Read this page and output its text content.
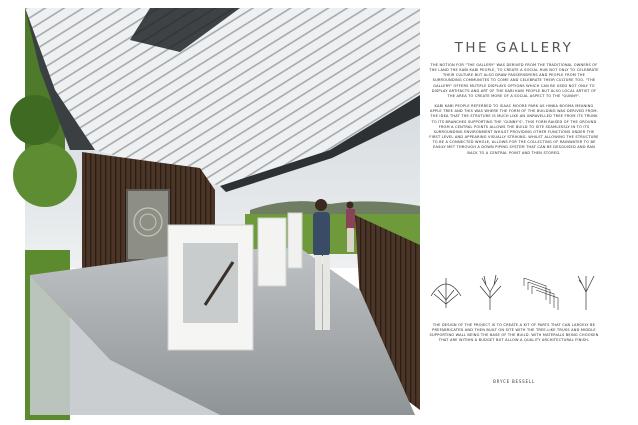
THE GALLERY

THE NOTION FOR "THE GALLERY" WAS DERIVED FROM THE TRADITIONAL OWNERS OF THE LAND THE KABI KABI PEOPLE, TO CREATE A SOCIAL HUB NOT ONLY TO CELEBRATE THEIR CULTURE BUT ALSO DRAW PASSERSBYERS AND PEOPLE FROM THE SURROUNDING COMMUNITES TO COME AND CELEBRATE THEIR CULTURE TOO. "THE GALLERY" OFFERS MUTIPLE DISPLAYS OPTIONS WHICH CAN BE USED NOT ONLY TO DISPLAY ARTIFACTS AND ART OF THE KABI KABI PEOPLE BUT ALSO LOCAL ARTIST OF THE AREA TO CREATE MORE OF A SOCIAL ASPECT TO THE "GUNNY".

KABI KABI PEOPLE REFERRED TO ISAAC MOORE PARK AS HINKA BOOMA MEANING APPLE TREE AND THIS WAS WHERE THE FORM OF THE BUILDING WAS DERIVED FROM. THE IDEA THAT THE STRUTURE IS MUCH LIKE AN UNRAVELLED TREE FROM ITS TRUNK TO ITS BRANCHES SUPPORTING THE 'GUNNY'S'. THIS FORM RAISED OF THE GROUND FROM A CENTRAL POINTS ALLOWS THE BUILD TO SITE SEAMLESSLY IN TO ITS SURROUNDING ENVIRONMENT WHILST PROVIDING OTHER FUNCTIONS UNDER THE FIRST LEVEL AND APPEARING VISUALLY STRIKING. WHILST ALLOWING THE STRUCTURE TO BE A CONNECTED WHOLE, ALLOWS FOR THE COLLECTING OF RAINWATER TO BE EASILY MET THROUGH A DOWN PIPING SYSTEM THAT CAN BE DESGUISED AND RAN BACK TO A CENTRAL POINT AND THEN STORED.

THE DESIGN OF THE PROJECT IS TO CREATE A KIT OF PARTS THAT CAN LARGELY BE PREFABRICATED AND THEN BUILT ON SITE WITH THE TREE-LIKE TRUSS AND MIDDLE SUPPORTING WALL BEING THE BASE OF THE BUILD. WITH MATERIALS BEING CHOOSEN THAT ARE WITHIN A BUDGET BUT ALLOW A QUALITY ARCHITECTURAL FINISH.

BRYCE BESSELL
